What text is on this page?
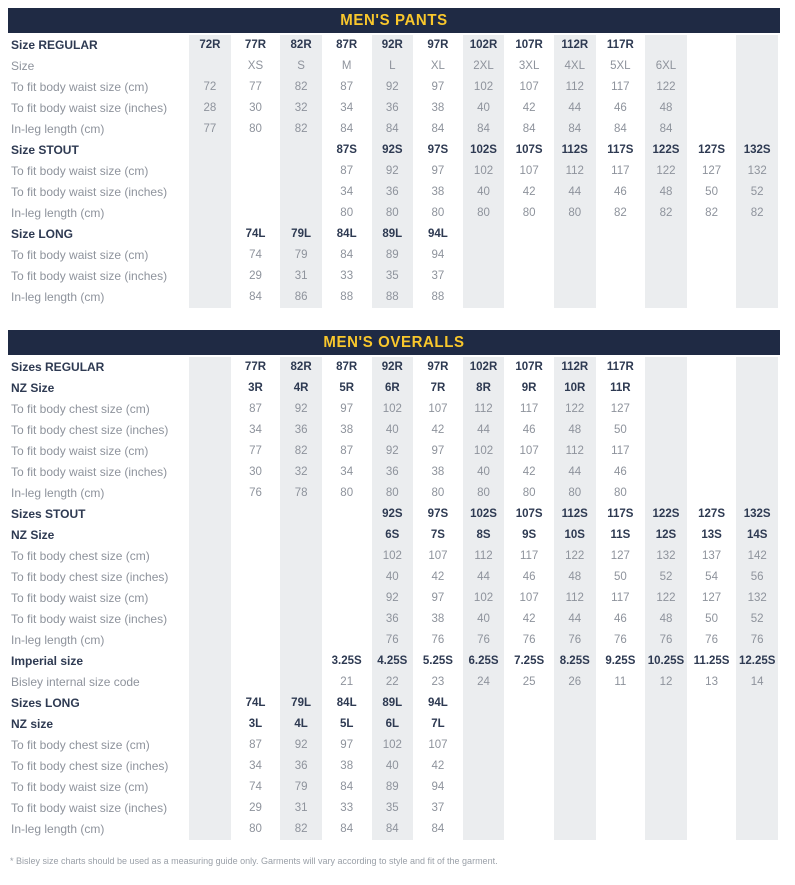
MEN'S PANTS
Size REGULAR	72R	77R	82R	87R	92R	97R	102R	107R	112R	117R			
Size		XS	S	M	L	XL	2XL	3XL	4XL	5XL	6XL		
To fit body waist size (cm)	72	77	82	87	92	97	102	107	112	117	122		
To fit body waist size (inches)	28	30	32	34	36	38	40	42	44	46	48		
In-leg length (cm)	77	80	82	84	84	84	84	84	84	84	84		
Size STOUT				87S	92S	97S	102S	107S	112S	117S	122S	127S	132S
To fit body waist size (cm)				87	92	97	102	107	112	117	122	127	132
To fit body waist size (inches)				34	36	38	40	42	44	46	48	50	52
In-leg length (cm)				80	80	80	80	80	80	82	82	82	82
Size LONG		74L	79L	84L	89L	94L							
To fit body waist size (cm)		74	79	84	89	94							
To fit body waist size (inches)		29	31	33	35	37							
In-leg length (cm)		84	86	88	88	88							
MEN'S OVERALLS
Sizes REGULAR		77R	82R	87R	92R	97R	102R	107R	112R	117R			
NZ Size		3R	4R	5R	6R	7R	8R	9R	10R	11R			
To fit body chest size (cm)		87	92	97	102	107	112	117	122	127			
To fit body chest size (inches)		34	36	38	40	42	44	46	48	50			
To fit body waist size (cm)		77	82	87	92	97	102	107	112	117			
To fit body waist size (inches)		30	32	34	36	38	40	42	44	46			
In-leg length (cm)		76	78	80	80	80	80	80	80	80			
Sizes STOUT					92S	97S	102S	107S	112S	117S	122S	127S	132S
NZ Size					6S	7S	8S	9S	10S	11S	12S	13S	14S
To fit body chest size (cm)					102	107	112	117	122	127	132	137	142
To fit body chest size (inches)					40	42	44	46	48	50	52	54	56
To fit body waist size (cm)					92	97	102	107	112	117	122	127	132
To fit body waist size (inches)					36	38	40	42	44	46	48	50	52
In-leg length (cm)					76	76	76	76	76	76	76	76	76
Imperial size				3.25S	4.25S	5.25S	6.25S	7.25S	8.25S	9.25S	10.25S	11.25S	12.25S
Bisley internal size code				21	22	23	24	25	26	11	12	13	14
Sizes LONG		74L	79L	84L	89L	94L							
NZ size		3L	4L	5L	6L	7L							
To fit body chest size (cm)		87	92	97	102	107							
To fit body chest size (inches)		34	36	38	40	42							
To fit body waist size (cm)		74	79	84	89	94							
To fit body waist size (inches)		29	31	33	35	37							
In-leg length (cm)		80	82	84	84	84							
* Bisley size charts should be used as a measuring guide only. Garments will vary according to style and fit of the garment.
